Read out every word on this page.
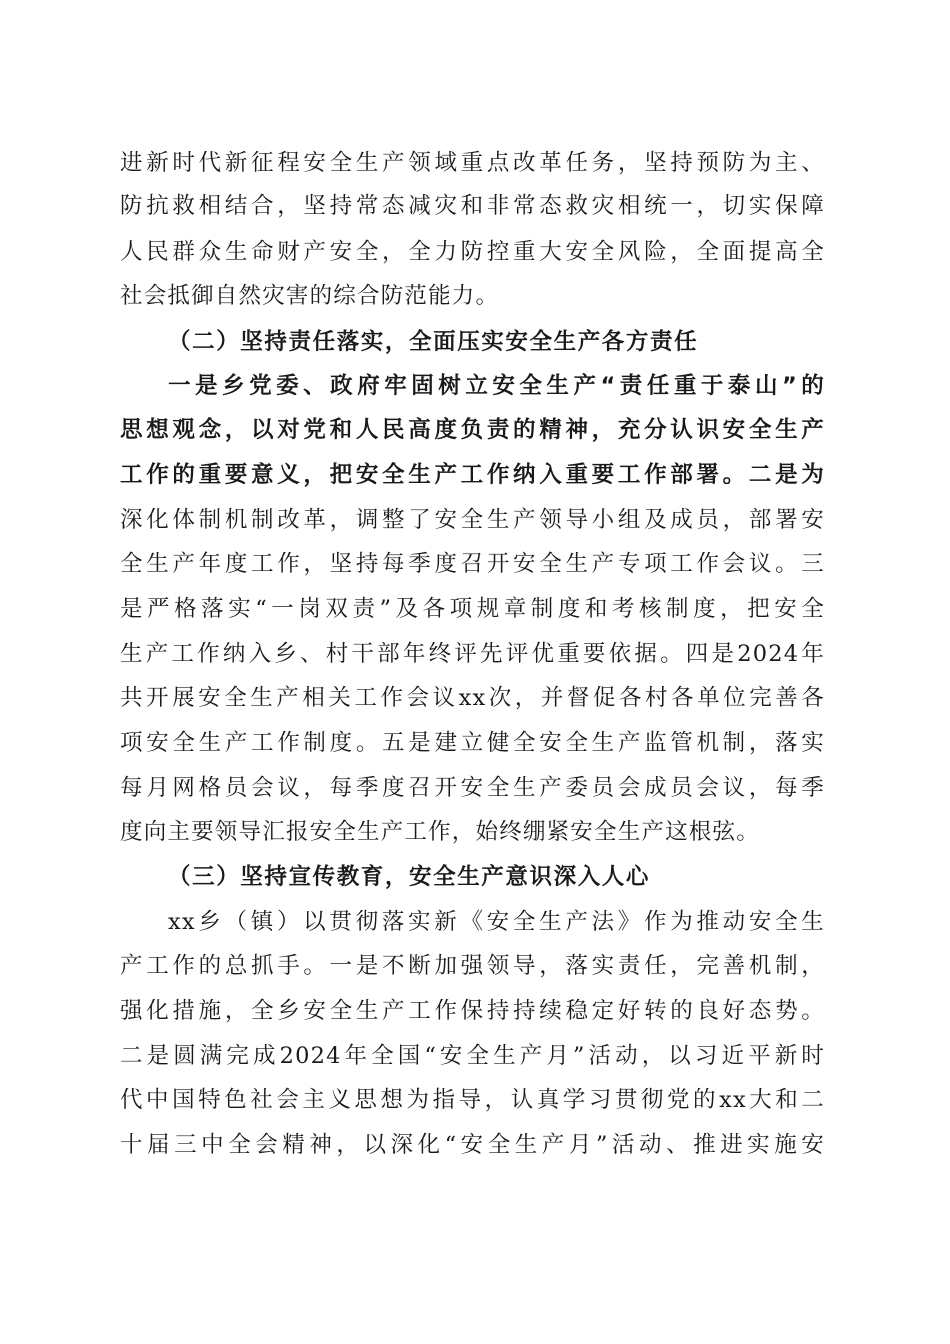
进新时代新征程安全生产领域重点改革任务，坚持预防为主、
防抗救相结合，坚持常态减灾和非常态救灾相统一，切实保障
人民群众生命财产安全，全力防控重大安全风险，全面提高全
社会抵御自然灾害的综合防范能力。
（二）坚持责任落实，全面压实安全生产各方责任
一是乡党委、政府牢固树立安全生产“责任重于泰山”的
思想观念，以对党和人民高度负责的精神，充分认识安全生产
工作的重要意义，把安全生产工作纳入重要工作部署。二是为
深化体制机制改革，调整了安全生产领导小组及成员，部署安
全生产年度工作，坚持每季度召开安全生产专项工作会议。三
是严格落实“一岗双责”及各项规章制度和考核制度，把安全
生产工作纳入乡、村干部年终评先评优重要依据。四是2024年
共开展安全生产相关工作会议xx次，并督促各村各单位完善各
项安全生产工作制度。五是建立健全安全生产监管机制，落实
每月网格员会议，每季度召开安全生产委员会成员会议，每季
度向主要领导汇报安全生产工作，始终绷紧安全生产这根弦。
（三）坚持宣传教育，安全生产意识深入人心
xx乡（镇）以贯彻落实新《安全生产法》作为推动安全生
产工作的总抓手。一是不断加强领导，落实责任，完善机制，
强化措施，全乡安全生产工作保持持续稳定好转的良好态势。
二是圆满完成2024年全国“安全生产月”活动，以习近平新时
代中国特色社会主义思想为指导，认真学习贯彻党的xx大和二
十届三中全会精神，以深化“安全生产月”活动、推进实施安
